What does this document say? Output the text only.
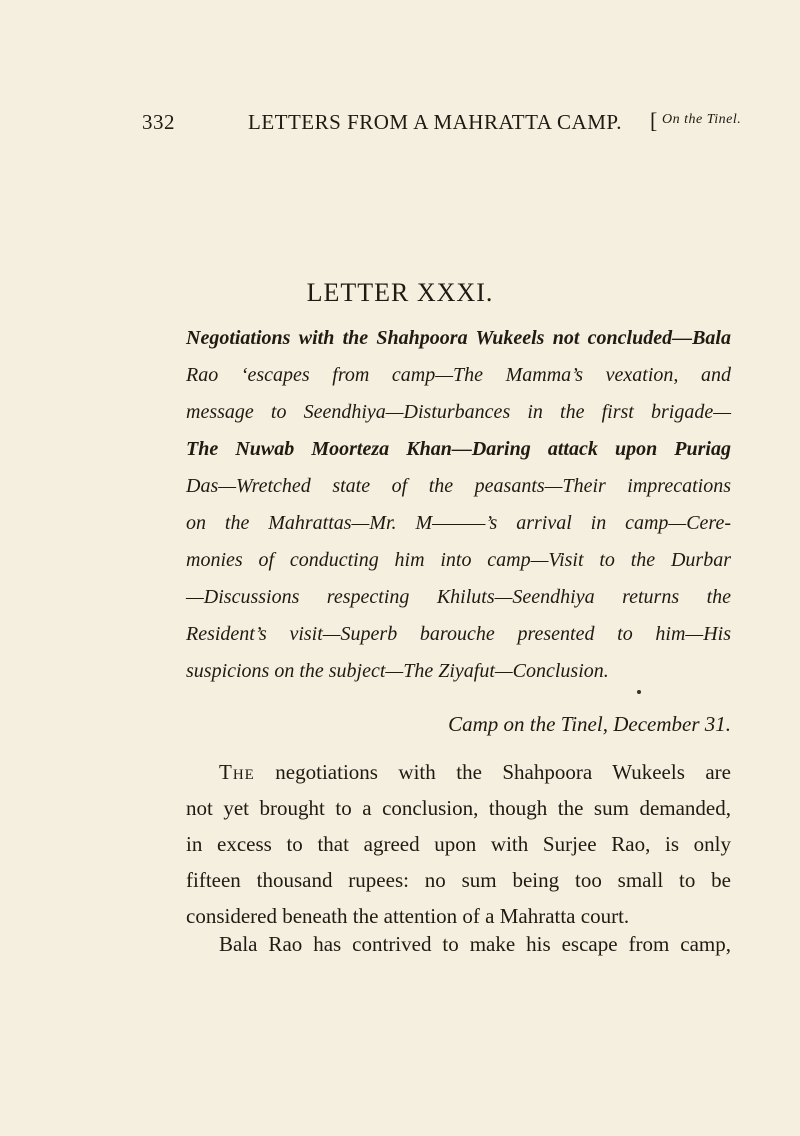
332	LETTERS FROM A MAHRATTA CAMP. [ On the Tinel.
LETTER XXXI.
Negotiations with the Shahpoora Wukeels not concluded—Bala
Rao ‘escapes from camp—The Mamma’s vexation, and
message to Seendhiya—Disturbances in the first brigade—
The Nuwab Moorteza Khan—Daring attack upon Puriag
Das—Wretched state of the peasants—Their imprecations
on the Mahrattas—Mr. M———’s arrival in camp—Cere-
monies of conducting him into camp—Visit to the Durbar
—Discussions respecting Khiluts—Seendhiya returns the
Resident’s visit—Superb barouche presented to him—His
suspicions on the subject—The Ziyafut—Conclusion.
Camp on the Tinel, December 31.
The negotiations with the Shahpoora Wukeels are
not yet brought to a conclusion, though the sum demanded,
in excess to that agreed upon with Surjee Rao, is only
fifteen thousand rupees: no sum being too small to be
considered beneath the attention of a Mahratta court.
Bala Rao has contrived to make his escape from camp,
